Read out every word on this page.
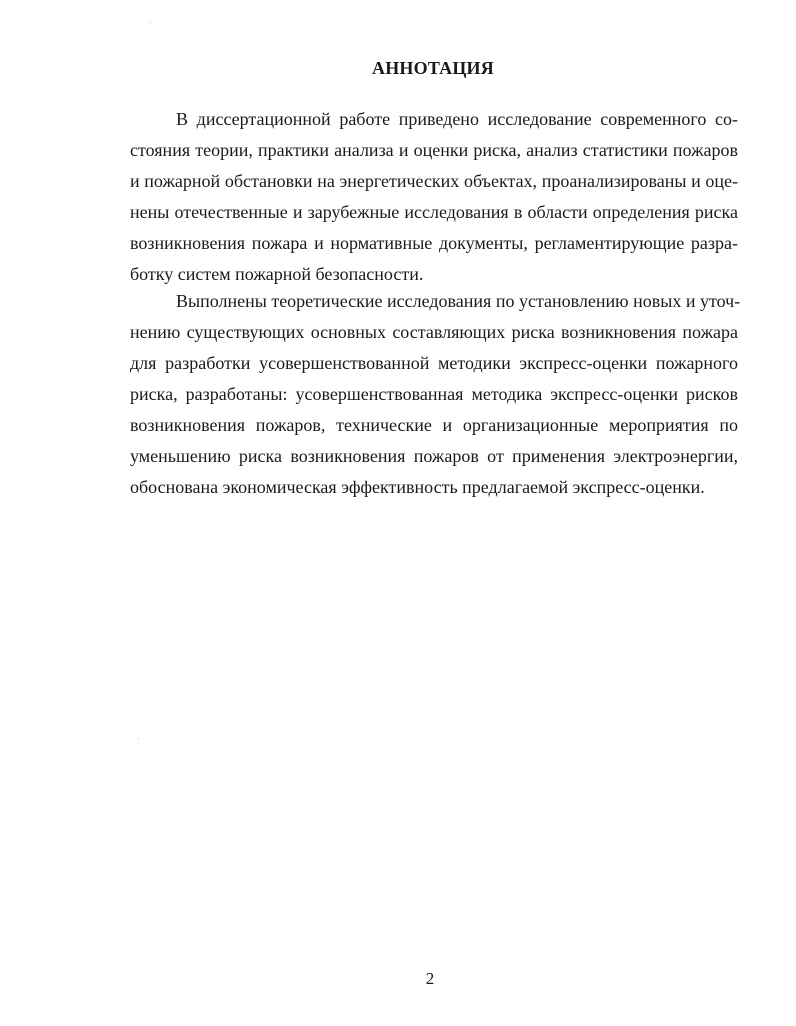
АННОТАЦИЯ
В диссертационной работе приведено исследование современного со-
стояния теории, практики анализа и оценки риска, анализ статистики пожаров
и пожарной обстановки на энергетических объектах, проанализированы и оце-
нены отечественные и зарубежные исследования в области определения риска
возникновения пожара и нормативные документы, регламентирующие разра-
ботку систем пожарной безопасности.
Выполнены теоретические исследования по установлению новых и уточ-
нению существующих основных составляющих риска возникновения пожара
для разработки усовершенствованной методики экспресс-оценки пожарного
риска, разработаны: усовершенствованная методика экспресс-оценки рисков
возникновения пожаров, технические и организационные мероприятия по
уменьшению риска возникновения пожаров от применения электроэнергии,
обоснована экономическая эффективность предлагаемой экспресс-оценки.
2
